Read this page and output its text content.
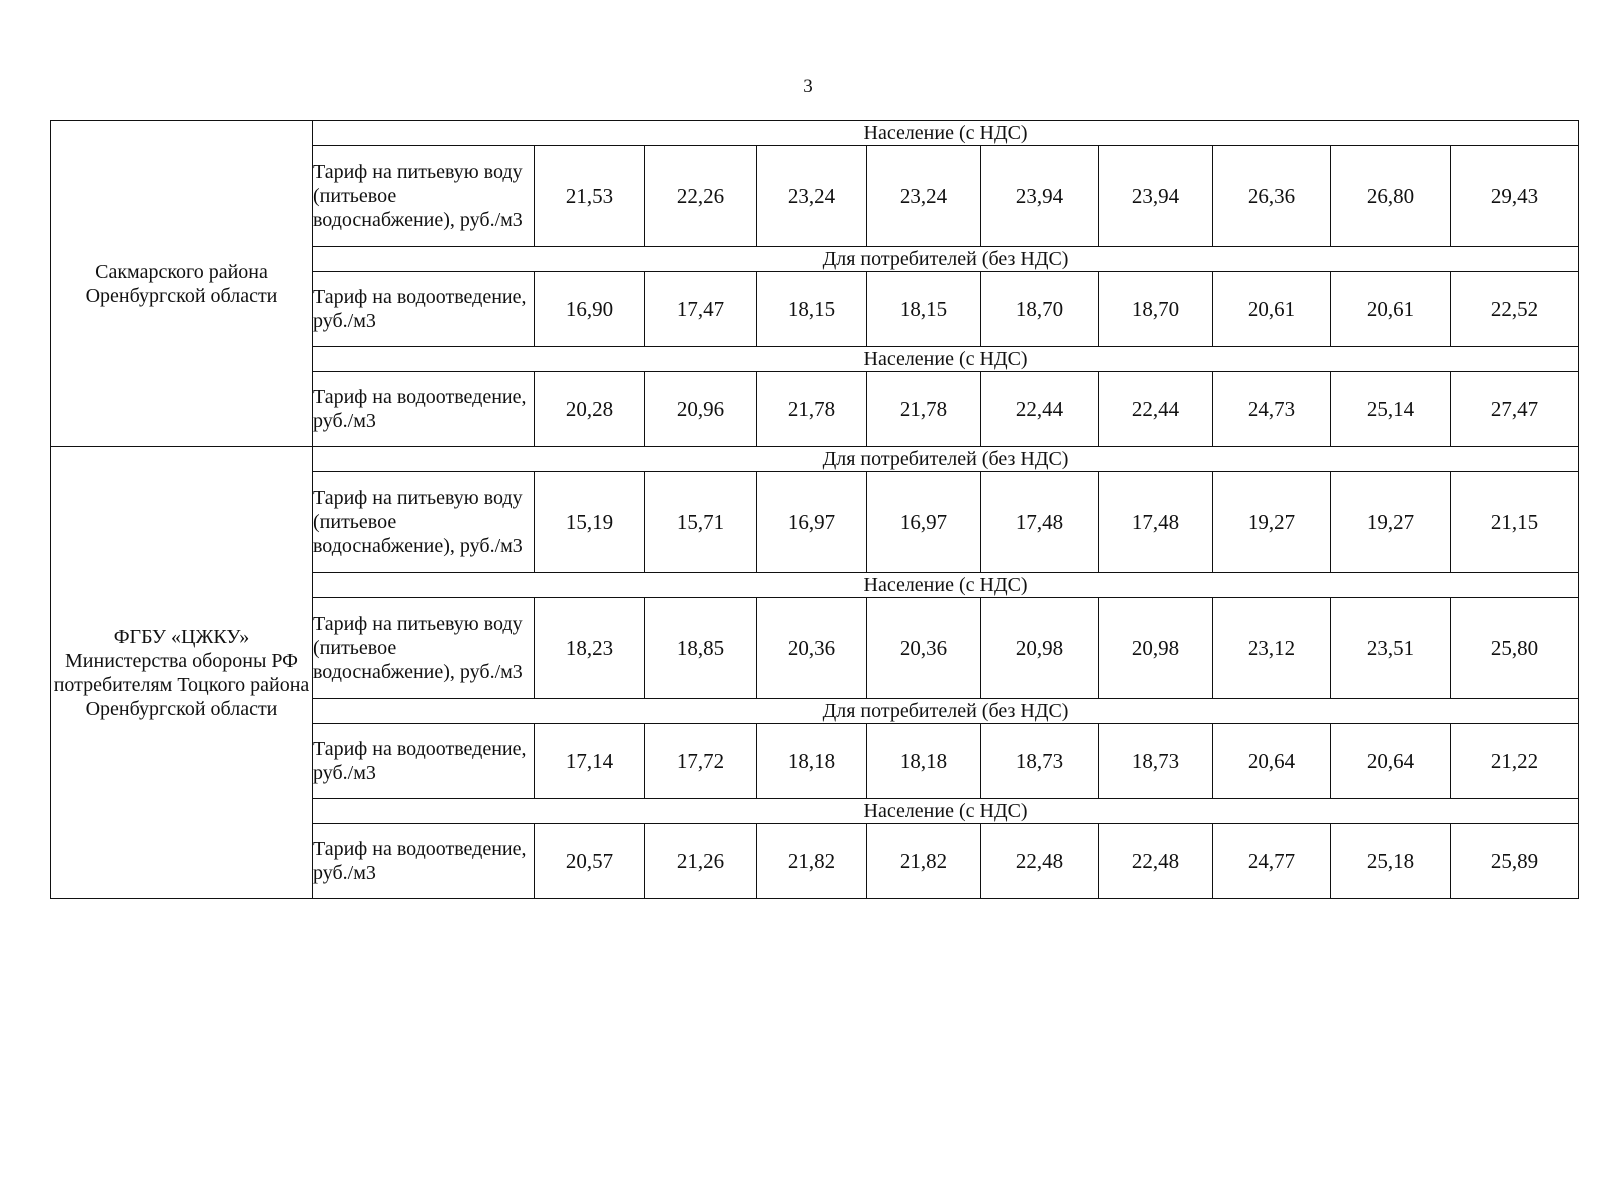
3
Сакмарского района Оренбургской области	Население (с НДС)									
	Тариф на питьевую воду (питьевое водоснабжение), руб./м3	21,53	22,26	23,24	23,24	23,94	23,94	26,36	26,80	29,43
	Для потребителей (без НДС)									
	Тариф на водоотведение, руб./м3	16,90	17,47	18,15	18,15	18,70	18,70	20,61	20,61	22,52
	Население (с НДС)									
	Тариф на водоотведение, руб./м3	20,28	20,96	21,78	21,78	22,44	22,44	24,73	25,14	27,47
ФГБУ «ЦЖКУ» Министерства обороны РФ потребителям Тоцкого района Оренбургской области	Для потребителей (без НДС)									
	Тариф на питьевую воду (питьевое водоснабжение), руб./м3	15,19	15,71	16,97	16,97	17,48	17,48	19,27	19,27	21,15
	Население (с НДС)									
	Тариф на питьевую воду (питьевое водоснабжение), руб./м3	18,23	18,85	20,36	20,36	20,98	20,98	23,12	23,51	25,80
	Для потребителей (без НДС)									
	Тариф на водоотведение, руб./м3	17,14	17,72	18,18	18,18	18,73	18,73	20,64	20,64	21,22
	Население (с НДС)									
	Тариф на водоотведение, руб./м3	20,57	21,26	21,82	21,82	22,48	22,48	24,77	25,18	25,89
